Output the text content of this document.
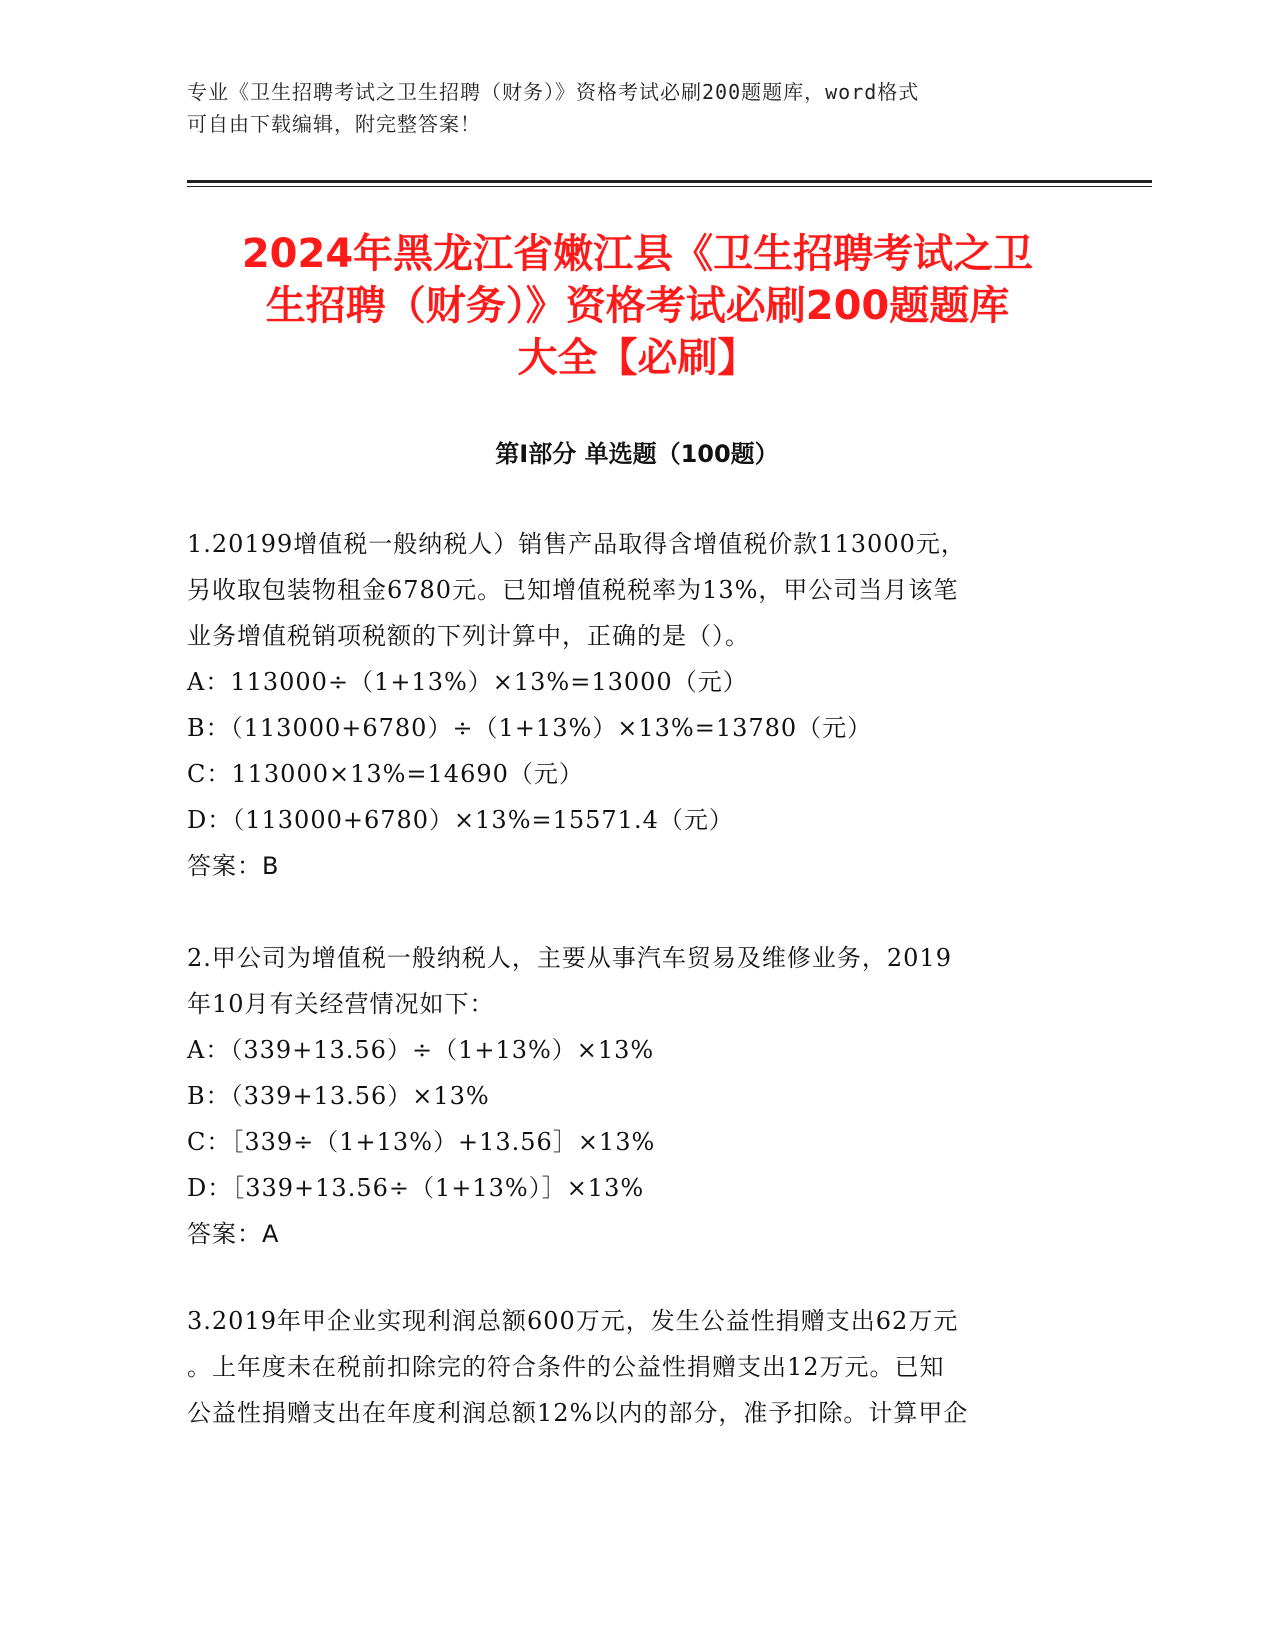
专业《卫生招聘考试之卫生招聘（财务）》资格考试必刷200题题库，word格式

可自由下载编辑，附完整答案！

2024年黑龙江省嫩江县《卫生招聘考试之卫

生招聘（财务）》资格考试必刷200题题库

大全【必刷】

第I部分 单选题（100题）

1.20199增值税一般纳税人）销售产品取得含增值税价款113000元，

另收取包装物租金6780元。已知增值税税率为13%，甲公司当月该笔

业务增值税销项税额的下列计算中，正确的是（）。

A：113000÷（1+13%）×13%=13000（元）

B：（113000+6780）÷（1+13%）×13%=13780（元）

C：113000×13%=14690（元）

D：（113000+6780）×13%=15571.4（元）

答案：B

2.甲公司为增值税一般纳税人，主要从事汽车贸易及维修业务，2019

年10月有关经营情况如下：

A：（339+13.56）÷（1+13%）×13%

B：（339+13.56）×13%

C：［339÷（1+13%）+13.56］×13%

D：［339+13.56÷（1+13%）］×13%

答案：A

3.2019年甲企业实现利润总额600万元，发生公益性捐赠支出62万元

。上年度未在税前扣除完的符合条件的公益性捐赠支出12万元。已知

公益性捐赠支出在年度利润总额12%以内的部分，准予扣除。计算甲企
